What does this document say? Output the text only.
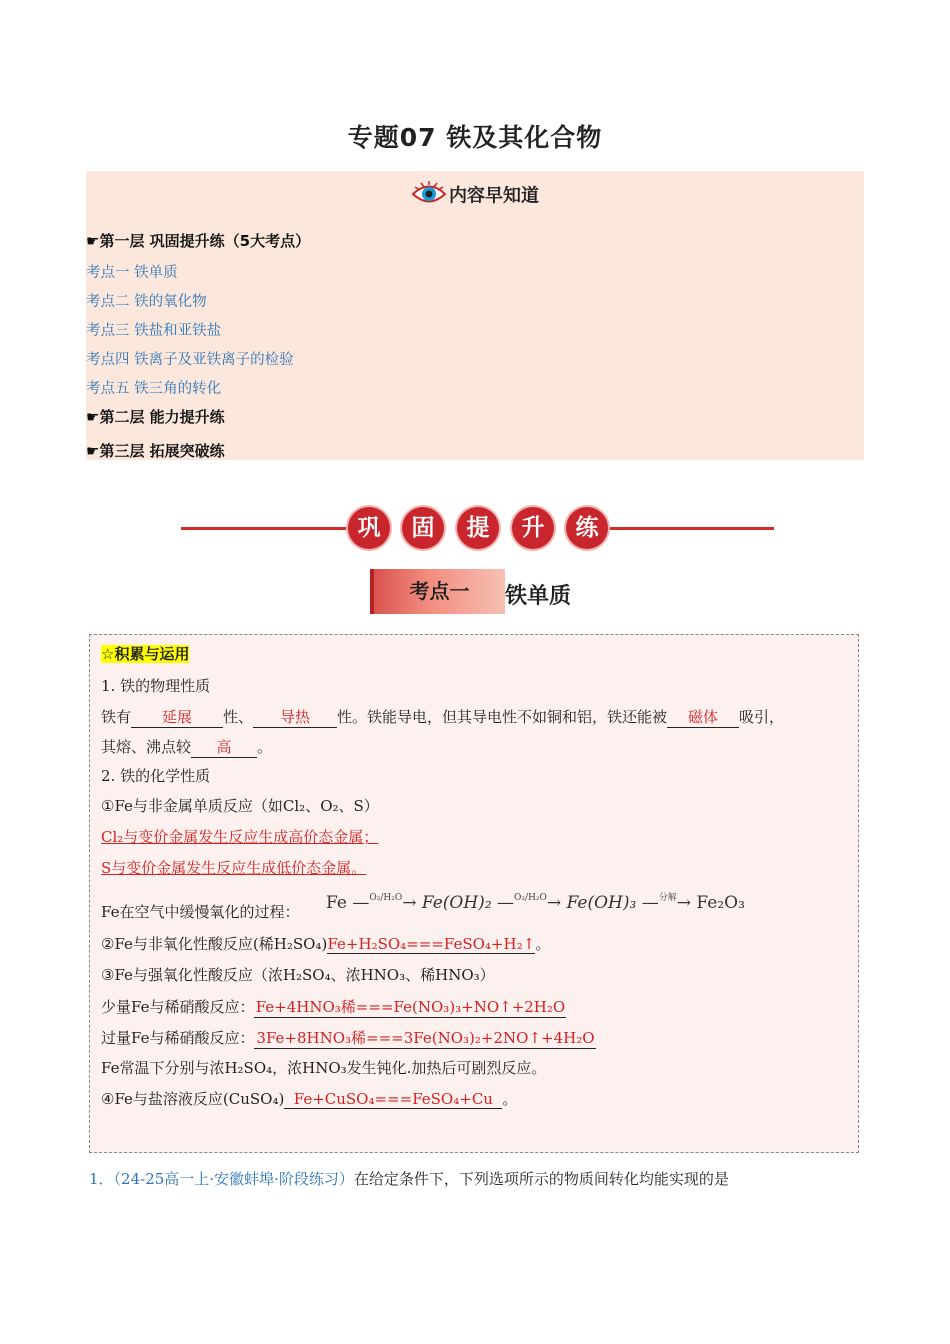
专题07 铁及其化合物
内容早知道
☛第一层 巩固提升练（5大考点）
考点一 铁单质
考点二 铁的氧化物
考点三 铁盐和亚铁盐
考点四 铁离子及亚铁离子的检验
考点五 铁三角的转化
☛第二层 能力提升练
☛第三层 拓展突破练
巩	固	提	升	练
考点一	铁单质
☆积累与运用
1. 铁的物理性质
铁有 延展 性、 导热 性。铁能导电，但其导电性不如铜和铝，铁还能被 磁体 吸引，
其熔、沸点较 高 。
2. 铁的化学性质
①Fe与非金属单质反应（如Cl₂、O₂、S）
Cl₂与变价金属发生反应生成高价态金属；
S与变价金属发生反应生成低价态金属。
Fe在空气中缓慢氧化的过程： Fe —$^{O_2/H_2O}$→ Fe(OH)₂ —$^{O_2/H_2O}$→ Fe(OH)₃ —$^{分解}$→ Fe₂O₃
②Fe与非氧化性酸反应(稀H₂SO₄)Fe+H₂SO₄===FeSO₄+H₂↑。
③Fe与强氧化性酸反应（浓H₂SO₄、浓HNO₃、稀HNO₃）
少量Fe与稀硝酸反应：Fe+4HNO₃稀===Fe(NO₃)₃+NO↑+2H₂O
过量Fe与稀硝酸反应： 3Fe+8HNO₃稀===3Fe(NO₃)₂+2NO↑+4H₂O
Fe常温下分别与浓H₂SO₄，浓HNO₃发生钝化.加热后可剧烈反应。
④Fe与盐溶液反应(CuSO₄) Fe+CuSO₄===FeSO₄+Cu 。
1．（24-25高一上·安徽蚌埠·阶段练习）在给定条件下，下列选项所示的物质间转化均能实现的是
